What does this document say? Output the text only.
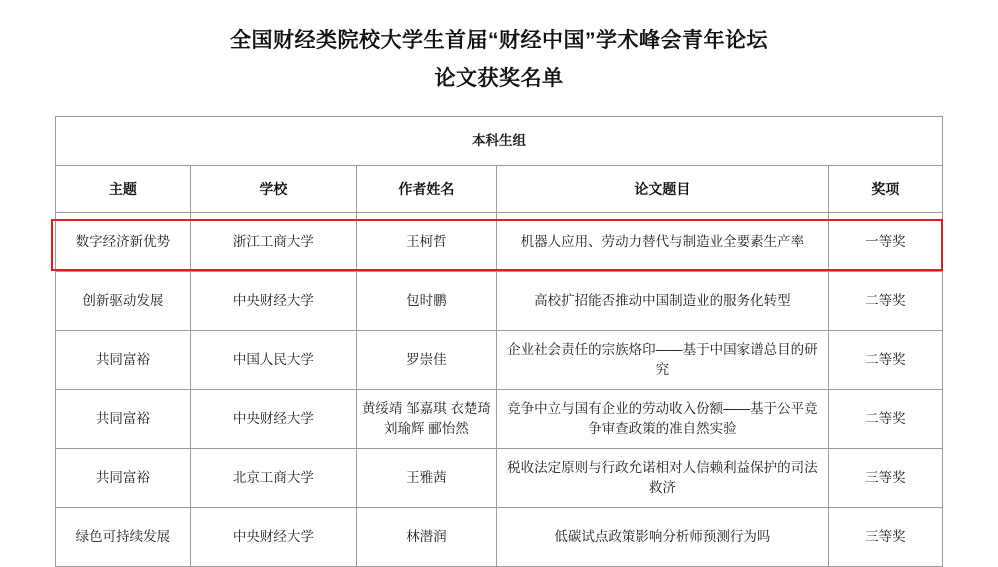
全国财经类院校大学生首届“财经中国”学术峰会青年论坛
论文获奖名单
本科生组				
主题	学校	作者姓名	论文题目	奖项
数字经济新优势	浙江工商大学	王柯哲	机器人应用、劳动力替代与制造业全要素生产率	一等奖
创新驱动发展	中央财经大学	包时鹏	高校扩招能否推动中国制造业的服务化转型	二等奖
共同富裕	中国人民大学	罗崇佳	企业社会责任的宗族烙印——基于中国家谱总目的研究	二等奖
共同富裕	中央财经大学	黄绥靖 邹嘉琪 衣楚琦 刘瑜辉 郦怡然	竞争中立与国有企业的劳动收入份额——基于公平竞争审查政策的准自然实验	二等奖
共同富裕	北京工商大学	王雅茜	税收法定原则与行政允诺相对人信赖利益保护的司法救济	三等奖
绿色可持续发展	中央财经大学	林潜润	低碳试点政策影响分析师预测行为吗	三等奖
